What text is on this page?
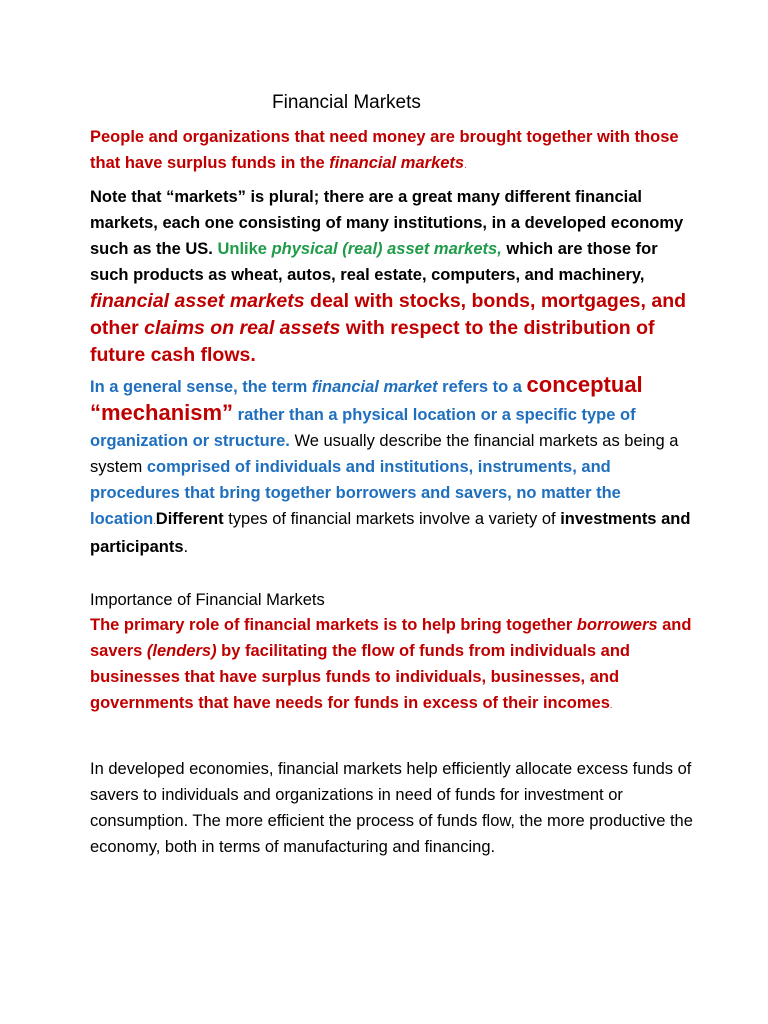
Financial Markets

People and organizations that need money are brought together with those that have surplus funds in the financial markets.

Note that “markets” is plural; there are a great many different financial markets, each one consisting of many institutions, in a developed economy such as the US. Unlike physical (real) asset markets, which are those for such products as wheat, autos, real estate, computers, and machinery, financial asset markets deal with stocks, bonds, mortgages, and other claims on real assets with respect to the distribution of future cash flows.

In a general sense, the term financial market refers to a conceptual “mechanism” rather than a physical location or a specific type of organization or structure. We usually describe the financial markets as being a system comprised of individuals and institutions, instruments, and procedures that bring together borrowers and savers, no matter the location.Different types of financial markets involve a variety of investments and participants.

Importance of Financial Markets

The primary role of financial markets is to help bring together borrowers and savers (lenders) by facilitating the flow of funds from individuals and businesses that have surplus funds to individuals, businesses, and governments that have needs for funds in excess of their incomes.

In developed economies, financial markets help efficiently allocate excess funds of savers to individuals and organizations in need of funds for investment or consumption. The more efficient the process of funds flow, the more productive the economy, both in terms of manufacturing and financing.
